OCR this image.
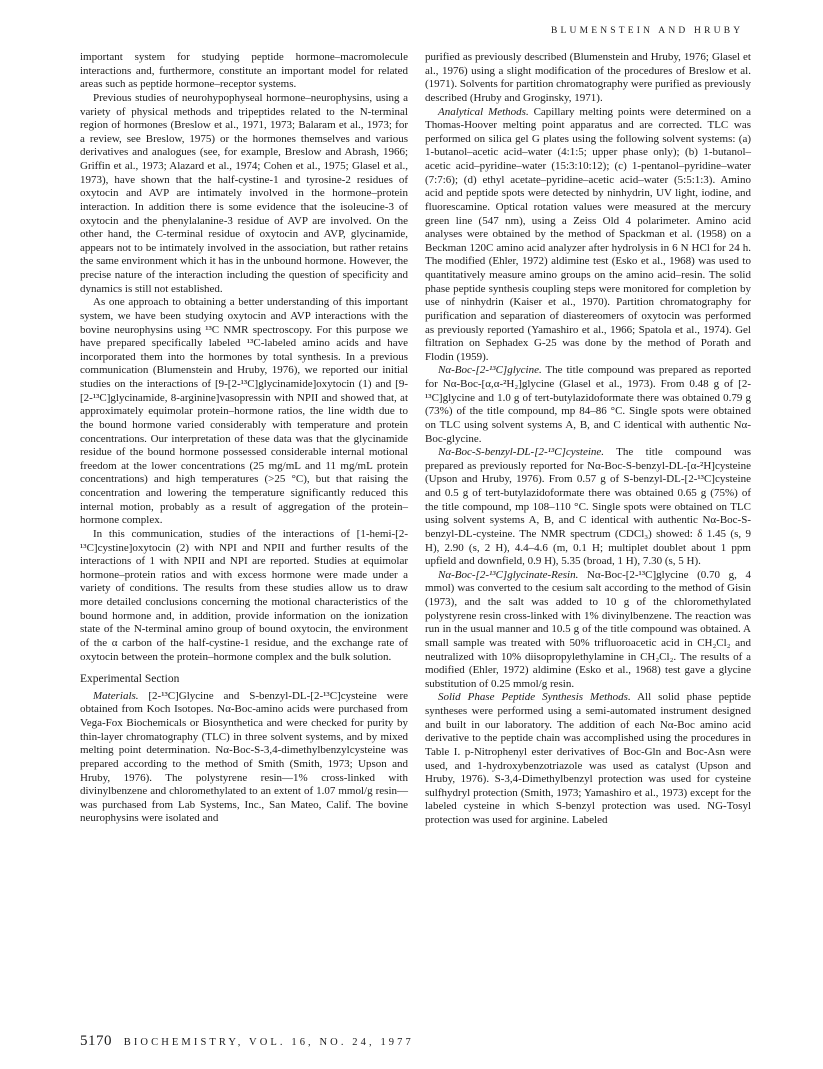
BLUMENSTEIN AND HRUBY

important system for studying peptide hormone–macromolecule interactions and, furthermore, constitute an important model for related areas such as peptide hormone–receptor systems.

Previous studies of neurohypophyseal hormone–neurophysins, using a variety of physical methods and tripeptides related to the N-terminal region of hormones (Breslow et al., 1971, 1973; Balaram et al., 1973; for a review, see Breslow, 1975) or the hormones themselves and various derivatives and analogues (see, for example, Breslow and Abrash, 1966; Griffin et al., 1973; Alazard et al., 1974; Cohen et al., 1975; Glasel et al., 1973), have shown that the half-cystine-1 and tyrosine-2 residues of oxytocin and AVP are intimately involved in the hormone–protein interaction. In addition there is some evidence that the isoleucine-3 of oxytocin and the phenylalanine-3 residue of AVP are involved. On the other hand, the C-terminal residue of oxytocin and AVP, glycinamide, appears not to be intimately involved in the association, but rather retains the same environment which it has in the unbound hormone. However, the precise nature of the interaction including the question of specificity and dynamics is still not established.

As one approach to obtaining a better understanding of this important system, we have been studying oxytocin and AVP interactions with the bovine neurophysins using ¹³C NMR spectroscopy. For this purpose we have prepared specifically labeled ¹³C-labeled amino acids and have incorporated them into the hormones by total synthesis. In a previous communication (Blumenstein and Hruby, 1976), we reported our initial studies on the interactions of [9-[2-¹³C]glycinamide]oxytocin (1) and [9-[2-¹³C]glycinamide, 8-arginine]vasopressin with NPII and showed that, at approximately equimolar protein–hormone ratios, the line width due to the bound hormone varied considerably with temperature and protein concentrations. Our interpretation of these data was that the glycinamide residue of the bound hormone possessed considerable internal motional freedom at the lower concentrations (25 mg/mL and 11 mg/mL protein concentrations) and high temperatures (>25 °C), but that raising the concentration and lowering the temperature significantly reduced this internal motion, probably as a result of aggregation of the protein–hormone complex.

In this communication, studies of the interactions of [1-hemi-[2-¹³C]cystine]oxytocin (2) with NPI and NPII and further results of the interactions of 1 with NPII and NPI are reported. Studies at equimolar hormone–protein ratios and with excess hormone were made under a variety of conditions. The results from these studies allow us to draw more detailed conclusions concerning the motional characteristics of the bound hormone and, in addition, provide information on the ionization state of the N-terminal amino group of bound oxytocin, the environment of the α carbon of the half-cystine-1 residue, and the exchange rate of oxytocin between the protein–hormone complex and the bulk solution.

Experimental Section

Materials. [2-¹³C]Glycine and S-benzyl-DL-[2-¹³C]cysteine were obtained from Koch Isotopes. Nα-Boc-amino acids were purchased from Vega-Fox Biochemicals or Biosynthetica and were checked for purity by thin-layer chromatography (TLC) in three solvent systems, and by mixed melting point determination. Nα-Boc-S-3,4-dimethylbenzylcysteine was prepared according to the method of Smith (Smith, 1973; Upson and Hruby, 1976). The polystyrene resin—1% cross-linked with divinylbenzene and chloromethylated to an extent of 1.07 mmol/g resin—was purchased from Lab Systems, Inc., San Mateo, Calif. The bovine neurophysins were isolated and

purified as previously described (Blumenstein and Hruby, 1976; Glasel et al., 1976) using a slight modification of the procedures of Breslow et al. (1971). Solvents for partition chromatography were purified as previously described (Hruby and Groginsky, 1971).

Analytical Methods. Capillary melting points were determined on a Thomas-Hoover melting point apparatus and are corrected. TLC was performed on silica gel G plates using the following solvent systems: (a) 1-butanol–acetic acid–water (4:1:5; upper phase only); (b) 1-butanol–acetic acid–pyridine–water (15:3:10:12); (c) 1-pentanol–pyridine–water (7:7:6); (d) ethyl acetate–pyridine–acetic acid–water (5:5:1:3). Amino acid and peptide spots were detected by ninhydrin, UV light, iodine, and fluorescamine. Optical rotation values were measured at the mercury green line (547 nm), using a Zeiss Old 4 polarimeter. Amino acid analyses were obtained by the method of Spackman et al. (1958) on a Beckman 120C amino acid analyzer after hydrolysis in 6 N HCl for 24 h. The modified (Ehler, 1972) aldimine test (Esko et al., 1968) was used to quantitatively measure amino groups on the amino acid–resin. The solid phase peptide synthesis coupling steps were monitored for completion by use of ninhydrin (Kaiser et al., 1970). Partition chromatography for purification and separation of diastereomers of oxytocin was performed as previously reported (Yamashiro et al., 1966; Spatola et al., 1974). Gel filtration on Sephadex G-25 was done by the method of Porath and Flodin (1959).

Nα-Boc-[2-¹³C]glycine. The title compound was prepared as reported for Nα-Boc-[α,α-²H₂]glycine (Glasel et al., 1973). From 0.48 g of [2-¹³C]glycine and 1.0 g of tert-butylazidoformate there was obtained 0.79 g (73%) of the title compound, mp 84–86 °C. Single spots were obtained on TLC using solvent systems A, B, and C identical with authentic Nα-Boc-glycine.

Nα-Boc-S-benzyl-DL-[2-¹³C]cysteine. The title compound was prepared as previously reported for Nα-Boc-S-benzyl-DL-[α-²H]cysteine (Upson and Hruby, 1976). From 0.57 g of S-benzyl-DL-[2-¹³C]cysteine and 0.5 g of tert-butylazidoformate there was obtained 0.65 g (75%) of the title compound, mp 108–110 °C. Single spots were obtained on TLC using solvent systems A, B, and C identical with authentic Nα-Boc-S-benzyl-DL-cysteine. The NMR spectrum (CDCl₃) showed: δ 1.45 (s, 9 H), 2.90 (s, 2 H), 4.4–4.6 (m, 0.1 H; multiplet doublet about 1 ppm upfield and downfield, 0.9 H), 5.35 (broad, 1 H), 7.30 (s, 5 H).

Nα-Boc-[2-¹³C]glycinate-Resin. Nα-Boc-[2-¹³C]glycine (0.70 g, 4 mmol) was converted to the cesium salt according to the method of Gisin (1973), and the salt was added to 10 g of the chloromethylated polystyrene resin cross-linked with 1% divinylbenzene. The reaction was run in the usual manner and 10.5 g of the title compound was obtained. A small sample was treated with 50% trifluoroacetic acid in CH₂Cl₂ and neutralized with 10% diisopropylethylamine in CH₂Cl₂. The results of a modified (Ehler, 1972) aldimine (Esko et al., 1968) test gave a glycine substitution of 0.25 mmol/g resin.

Solid Phase Peptide Synthesis Methods. All solid phase peptide syntheses were performed using a semi-automated instrument designed and built in our laboratory. The addition of each Nα-Boc amino acid derivative to the peptide chain was accomplished using the procedures in Table I. p-Nitrophenyl ester derivatives of Boc-Gln and Boc-Asn were used, and 1-hydroxybenzotriazole was used as catalyst (Upson and Hruby, 1976). S-3,4-Dimethylbenzyl protection was used for cysteine sulfhydryl protection (Smith, 1973; Yamashiro et al., 1973) except for the labeled cysteine in which S-benzyl protection was used. NG-Tosyl protection was used for arginine. Labeled

5170 BIOCHEMISTRY, VOL. 16, NO. 24, 1977
